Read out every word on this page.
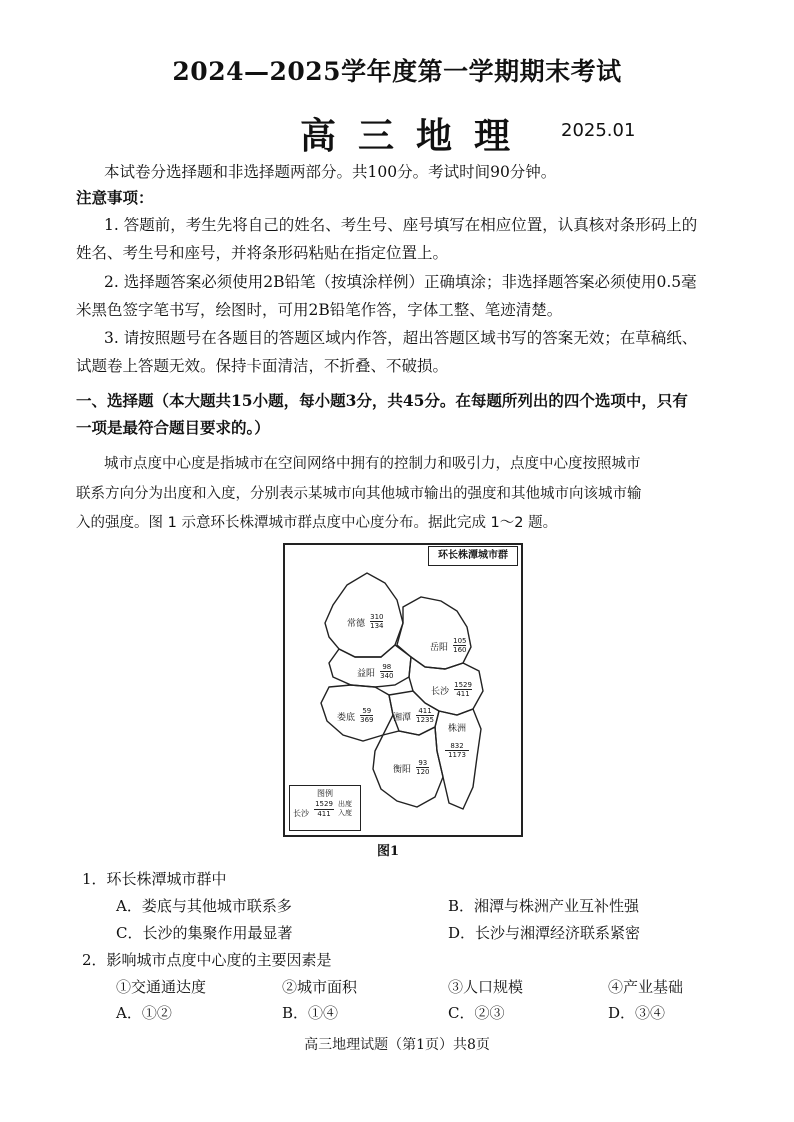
2024—2025学年度第一学期期末考试
高三地理 2025.01
本试卷分选择题和非选择题两部分。共100分。考试时间90分钟。
注意事项：
1. 答题前，考生先将自己的姓名、考生号、座号填写在相应位置，认真核对条形码上的
姓名、考生号和座号，并将条形码粘贴在指定位置上。
2. 选择题答案必须使用2B铅笔（按填涂样例）正确填涂；非选择题答案必须使用0.5毫
米黑色签字笔书写，绘图时，可用2B铅笔作答，字体工整、笔迹清楚。
3. 请按照题号在各题目的答题区域内作答，超出答题区域书写的答案无效；在草稿纸、
试题卷上答题无效。保持卡面清洁，不折叠、不破损。
一、选择题（本大题共15小题，每小题3分，共45分。在每题所列出的四个选项中，只有
一项是最符合题目要求的。）
城市点度中心度是指城市在空间网络中拥有的控制力和吸引力，点度中心度按照城市
联系方向分为出度和入度，分别表示某城市向其他城市输出的强度和其他城市向该城市输
入的强度。图 1 示意环长株潭城市群点度中心度分布。据此完成 1～2 题。
常德 $\frac{310}{134}$
岳阳 $\frac{105}{160}$
益阳 $\frac{98}{340}$
长沙 $\frac{1529}{411}$
娄底 $\frac{59}{369}$ 湘潭 $\frac{411}{1235}$
株洲
832
1173
衡阳 $\frac{93}{120}$
图例
长沙
1529
411
出度
入度
环长株潭城市群
图1
1．环长株潭城市群中
A．娄底与其他城市联系多	B．湘潭与株洲产业互补性强
C．长沙的集聚作用最显著	D．长沙与湘潭经济联系紧密
2．影响城市点度中心度的主要因素是
①交通通达度	②城市面积	③人口规模	④产业基础
A．①②	B．①④	C．②③	D．③④
高三地理试题（第1页）共8页
